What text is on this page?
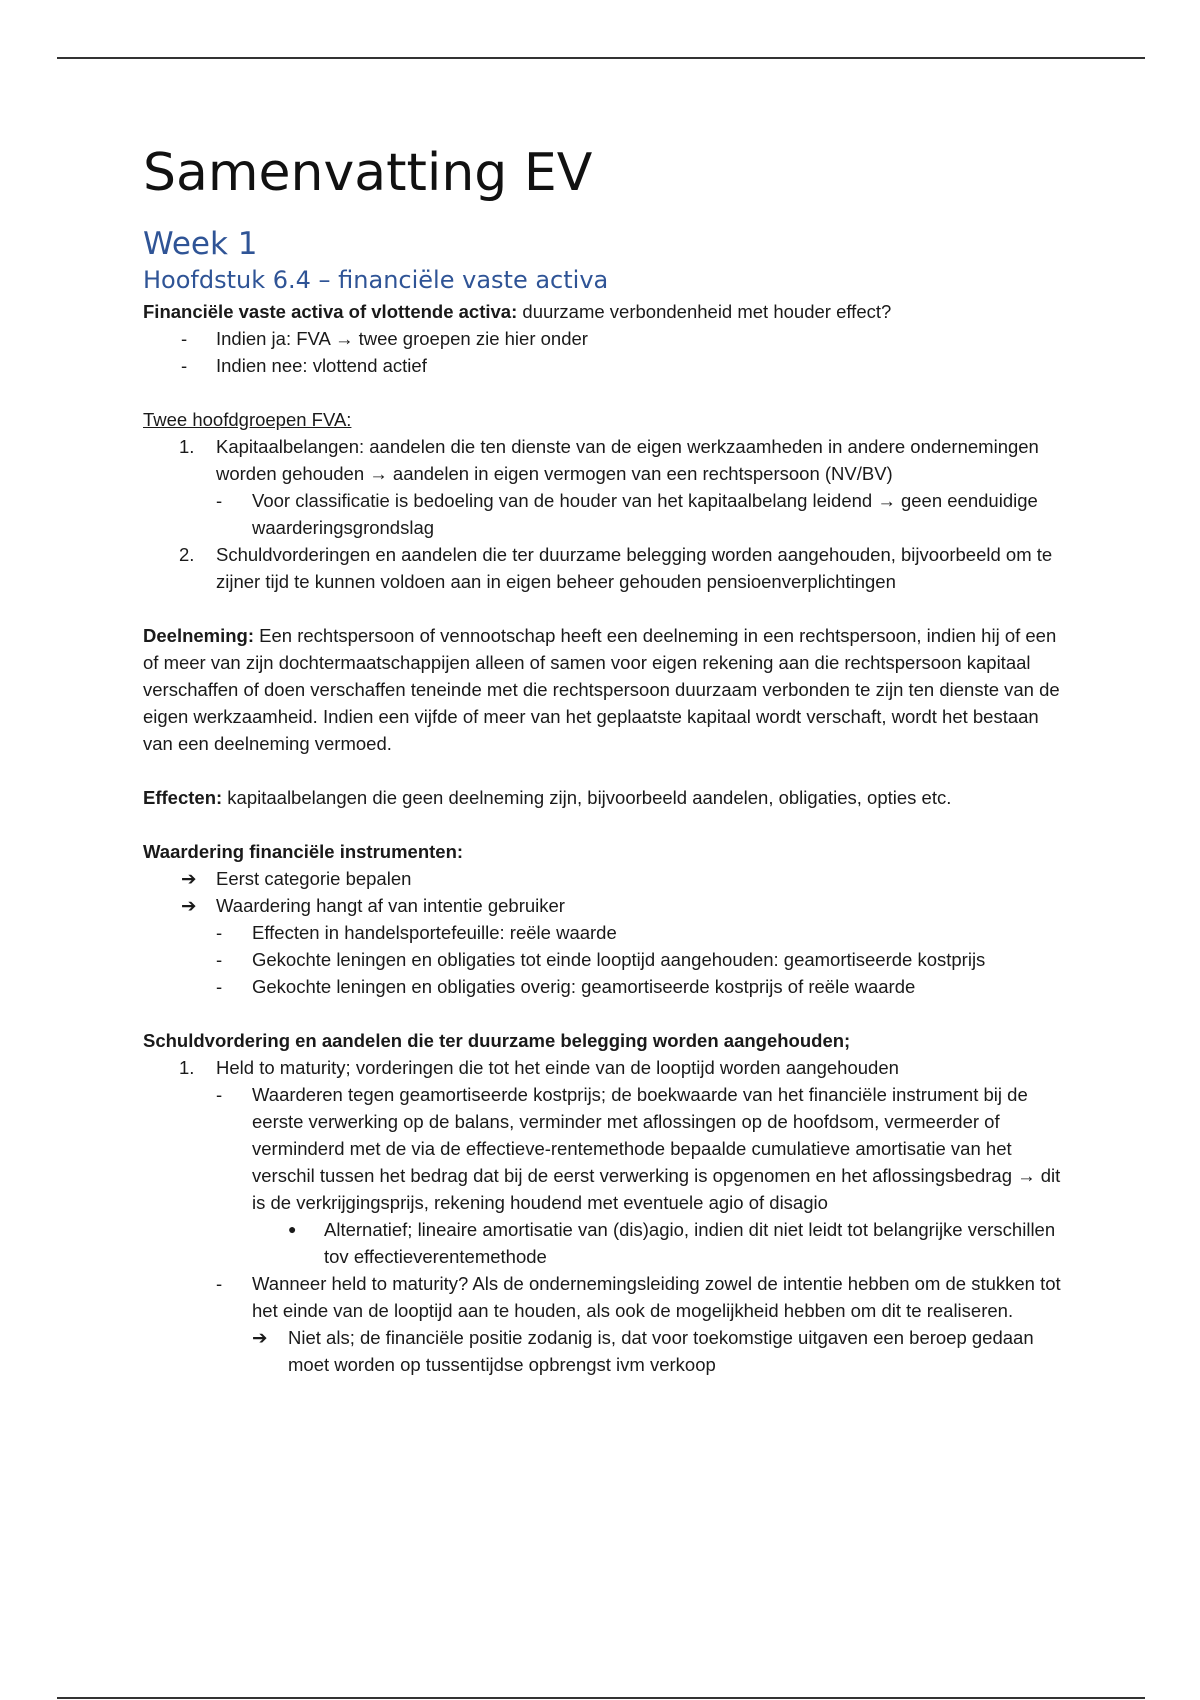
Samenvatting EV
Week 1
Hoofdstuk 6.4 – financiële vaste activa

Financiële vaste activa of vlottende activa: duurzame verbondenheid met houder effect?

- Indien ja: FVA → twee groepen zie hier onder
- Indien nee: vlottend actief

Twee hoofdgroepen FVA:

1. Kapitaalbelangen: aandelen die ten dienste van de eigen werkzaamheden in andere ondernemingen worden gehouden → aandelen in eigen vermogen van een rechtspersoon (NV/BV)
- Voor classificatie is bedoeling van de houder van het kapitaalbelang leidend → geen eenduidige waarderingsgrondslag
2. Schuldvorderingen en aandelen die ter duurzame belegging worden aangehouden, bijvoorbeeld om te zijner tijd te kunnen voldoen aan in eigen beheer gehouden pensioenverplichtingen

Deelneming: Een rechtspersoon of vennootschap heeft een deelneming in een rechtspersoon, indien hij of een of meer van zijn dochtermaatschappijen alleen of samen voor eigen rekening aan die rechtspersoon kapitaal verschaffen of doen verschaffen teneinde met die rechtspersoon duurzaam verbonden te zijn ten dienste van de eigen werkzaamheid. Indien een vijfde of meer van het geplaatste kapitaal wordt verschaft, wordt het bestaan van een deelneming vermoed.

Effecten: kapitaalbelangen die geen deelneming zijn, bijvoorbeeld aandelen, obligaties, opties etc.

Waardering financiële instrumenten:

➔ Eerst categorie bepalen
➔ Waardering hangt af van intentie gebruiker
- Effecten in handelsportefeuille: reële waarde
- Gekochte leningen en obligaties tot einde looptijd aangehouden: geamortiseerde kostprijs
- Gekochte leningen en obligaties overig: geamortiseerde kostprijs of reële waarde

Schuldvordering en aandelen die ter duurzame belegging worden aangehouden;

1. Held to maturity; vorderingen die tot het einde van de looptijd worden aangehouden
- Waarderen tegen geamortiseerde kostprijs; de boekwaarde van het financiële instrument bij de eerste verwerking op de balans, verminder met aflossingen op de hoofdsom, vermeerder of verminderd met de via de effectieve-rentemethode bepaalde cumulatieve amortisatie van het verschil tussen het bedrag dat bij de eerst verwerking is opgenomen en het aflossingsbedrag → dit is de verkrijgingsprijs, rekening houdend met eventuele agio of disagio
● Alternatief; lineaire amortisatie van (dis)agio, indien dit niet leidt tot belangrijke verschillen tov effectieverentemethode
- Wanneer held to maturity? Als de ondernemingsleiding zowel de intentie hebben om de stukken tot het einde van de looptijd aan te houden, als ook de mogelijkheid hebben om dit te realiseren.
➔ Niet als; de financiële positie zodanig is, dat voor toekomstige uitgaven een beroep gedaan moet worden op tussentijdse opbrengst ivm verkoop
